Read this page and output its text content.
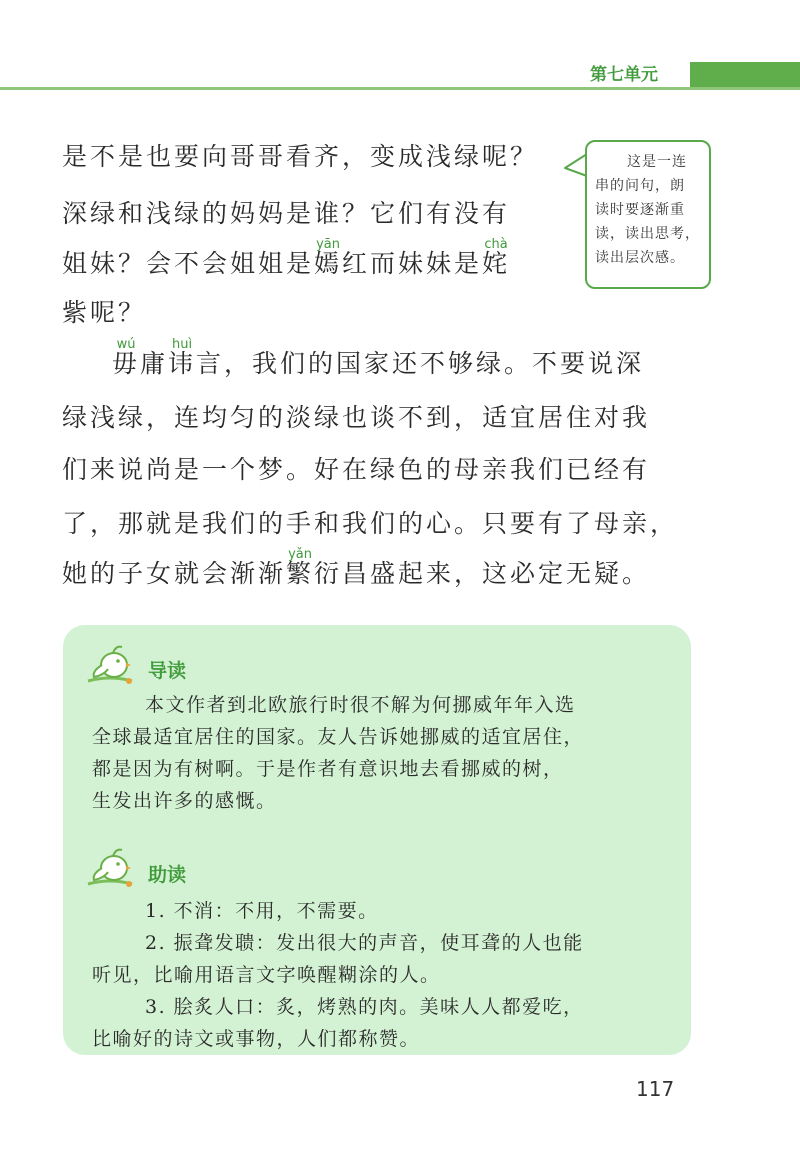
第七单元
是不是也要向哥哥看齐，变成浅绿呢？
深绿和浅绿的妈妈是谁？它们有没有
姐妹？会不会姐姐是
yān
嫣红而妹妹是
chà
姹
紫呢？
wú
毋庸
huì
讳言，我们的国家还不够绿。不要说深
绿浅绿，连均匀的淡绿也谈不到，适宜居住对我
们来说尚是一个梦。好在绿色的母亲我们已经有
了，那就是我们的手和我们的心。只要有了母亲，
她的子女就会渐渐
yǎn
繁衍昌盛起来，这必定无疑。
这是一连
串的问句，朗
读时要逐渐重
读，读出思考，
读出层次感。
导读
本文作者到北欧旅行时很不解为何挪威年年入选
全球最适宜居住的国家。友人告诉她挪威的适宜居住，
都是因为有树啊。于是作者有意识地去看挪威的树，
生发出许多的感慨。
助读
1. 不消：不用，不需要。
2. 振聋发聩：发出很大的声音，使耳聋的人也能
听见，比喻用语言文字唤醒糊涂的人。
3. 脍炙人口：炙，烤熟的肉。美味人人都爱吃，
比喻好的诗文或事物，人们都称赞。
117
